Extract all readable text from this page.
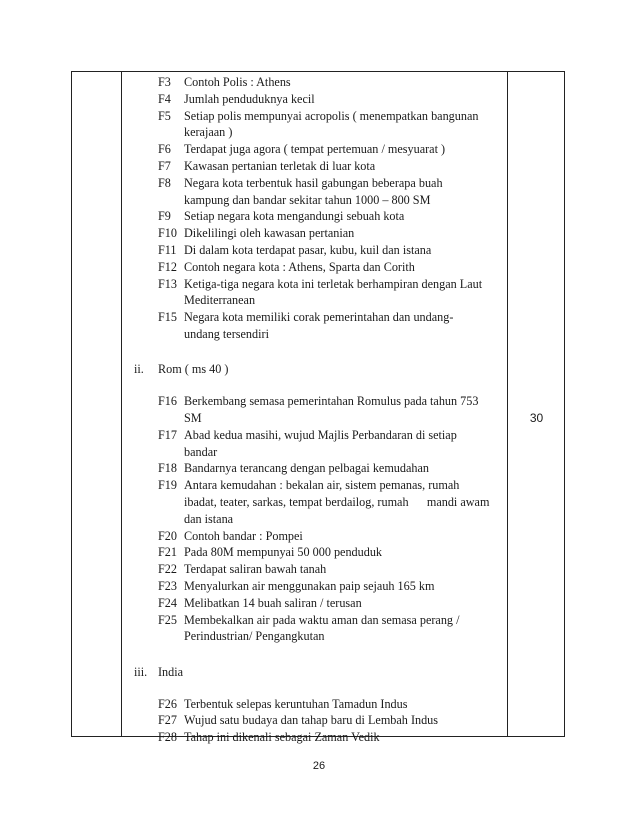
F3 Contoh Polis : Athens
F4 Jumlah penduduknya kecil
F5 Setiap polis mempunyai acropolis ( menempatkan bangunan
kerajaan )
F6 Terdapat juga agora ( tempat pertemuan / mesyuarat )
F7 Kawasan pertanian terletak di luar kota
F8 Negara kota terbentuk hasil gabungan beberapa buah
kampung dan bandar sekitar tahun 1000 – 800 SM
F9 Setiap negara kota mengandungi sebuah kota
F10 Dikelilingi oleh kawasan pertanian
F11 Di dalam kota terdapat pasar, kubu, kuil dan istana
F12 Contoh negara kota : Athens, Sparta dan Corith
F13 Ketiga-tiga negara kota ini terletak berhampiran dengan Laut
Mediterranean
F15 Negara kota memiliki corak pemerintahan dan undang-
undang tersendiri
ii. Rom ( ms 40 )
F16 Berkembang semasa pemerintahan Romulus pada tahun 753
SM
F17 Abad kedua masihi, wujud Majlis Perbandaran di setiap
bandar
F18 Bandarnya terancang dengan pelbagai kemudahan
F19 Antara kemudahan : bekalan air, sistem pemanas, rumah
ibadat, teater, sarkas, tempat berdailog, rumah      mandi awam
dan istana
F20 Contoh bandar : Pompei
F21 Pada 80M mempunyai 50 000 penduduk
F22 Terdapat saliran bawah tanah
F23 Menyalurkan air menggunakan paip sejauh 165 km
F24 Melibatkan 14 buah saliran / terusan
F25 Membekalkan air pada waktu aman dan semasa perang /
Perindustrian/ Pengangkutan
iii. India
F26 Terbentuk selepas keruntuhan Tamadun Indus
F27 Wujud satu budaya dan tahap baru di Lembah Indus
F28 Tahap ini dikenali sebagai Zaman Vedik
30
26
